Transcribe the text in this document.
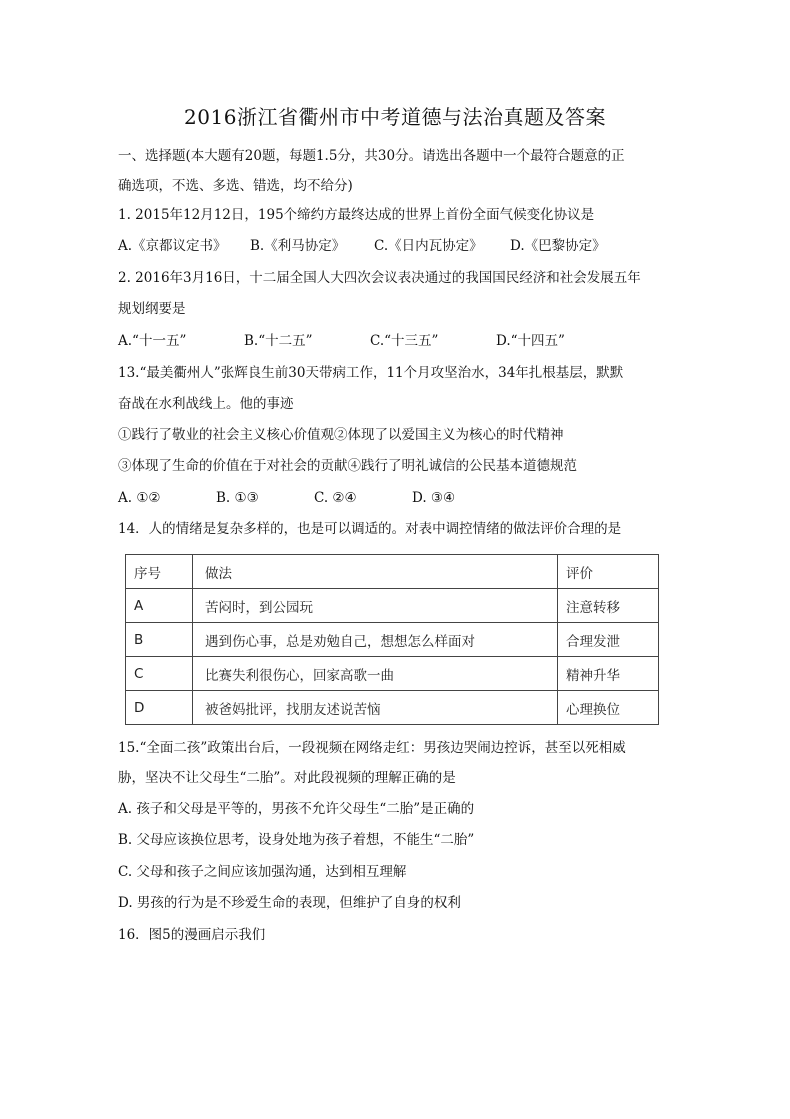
2016浙江省衢州市中考道德与法治真题及答案
一、选择题(本大题有20题，每题1.5分，共30分。请选出各题中一个最符合题意的正
确选项，不选、多选、错选，均不给分)
1. 2015年12月12日，195个缔约方最终达成的世界上首份全面气候变化协议是
A.《京都议定书》 B.《利马协定》 C.《日内瓦协定》 D.《巴黎协定》
2. 2016年3月16日，十二届全国人大四次会议表决通过的我国国民经济和社会发展五年
规划纲要是
A.“十一五”	B.“十二五”	C.“十三五”	D.“十四五”
13.“最美衢州人”张辉良生前30天带病工作，11个月攻坚治水，34年扎根基层，默默
奋战在水利战线上。他的事迹
①践行了敬业的社会主义核心价值观②体现了以爱国主义为核心的时代精神
③体现了生命的价值在于对社会的贡献④践行了明礼诚信的公民基本道德规范
A. ①②	B. ①③	C. ②④	D. ③④
14．人的情绪是复杂多样的，也是可以调适的。对表中调控情绪的做法评价合理的是
序号	做法	评价
A	苦闷时，到公园玩	注意转移
B	遇到伤心事，总是劝勉自己，想想怎么样面对	合理发泄
C	比赛失利很伤心，回家高歌一曲	精神升华
D	被爸妈批评，找朋友述说苦恼	心理换位
15.“全面二孩”政策出台后，一段视频在网络走红：男孩边哭闹边控诉，甚至以死相威
胁，坚决不让父母生“二胎”。对此段视频的理解正确的是
A. 孩子和父母是平等的，男孩不允许父母生“二胎”是正确的
B. 父母应该换位思考，设身处地为孩子着想，不能生“二胎”
C. 父母和孩子之间应该加强沟通，达到相互理解
D. 男孩的行为是不珍爱生命的表现，但维护了自身的权利
16．图5的漫画启示我们
